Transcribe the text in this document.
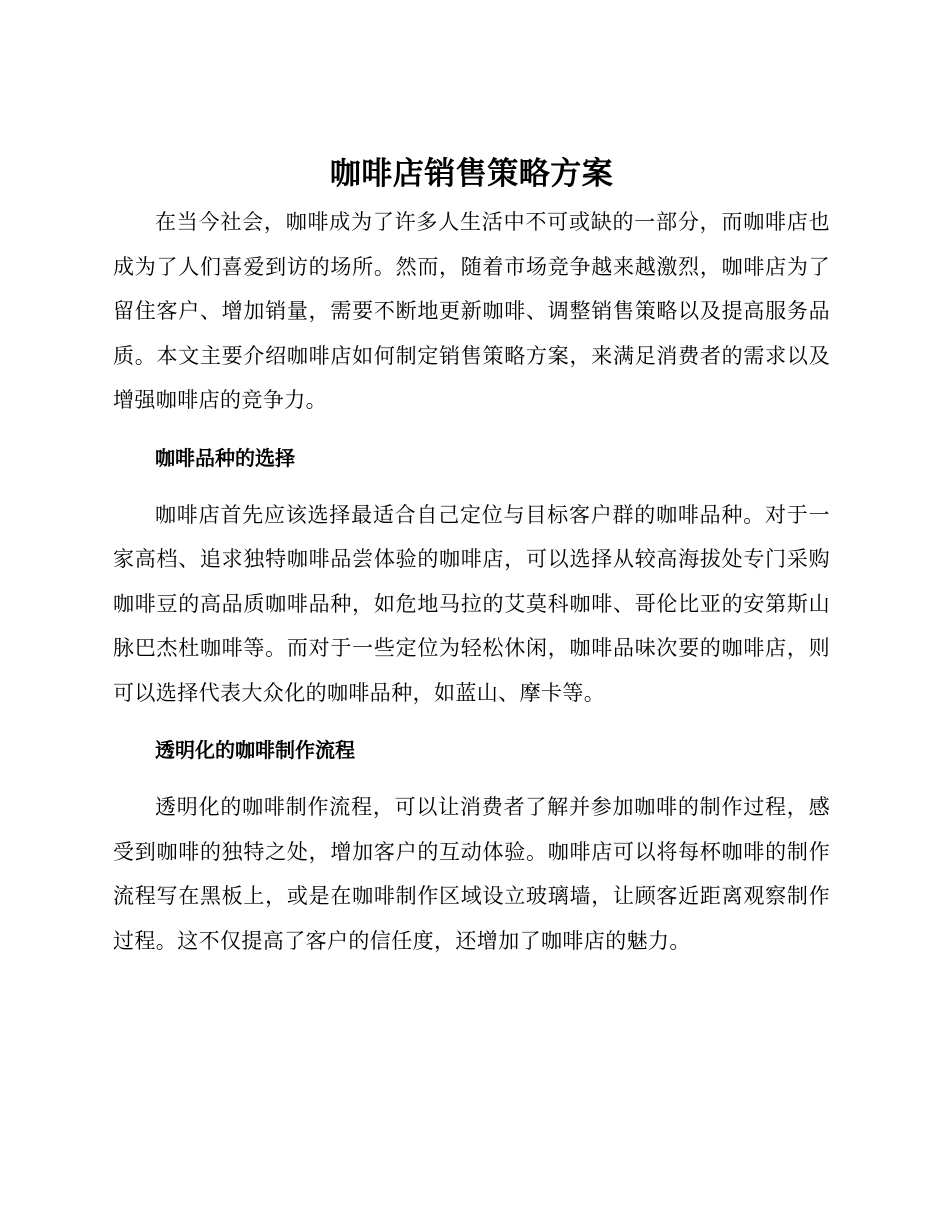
咖啡店销售策略方案

在当今社会，咖啡成为了许多人生活中不可或缺的一部分，而咖啡店也成为了人们喜爱到访的场所。然而，随着市场竞争越来越激烈，咖啡店为了留住客户、增加销量，需要不断地更新咖啡、调整销售策略以及提高服务品质。本文主要介绍咖啡店如何制定销售策略方案，来满足消费者的需求以及增强咖啡店的竞争力。

咖啡品种的选择

咖啡店首先应该选择最适合自己定位与目标客户群的咖啡品种。对于一家高档、追求独特咖啡品尝体验的咖啡店，可以选择从较高海拔处专门采购咖啡豆的高品质咖啡品种，如危地马拉的艾莫科咖啡、哥伦比亚的安第斯山脉巴杰杜咖啡等。而对于一些定位为轻松休闲，咖啡品味次要的咖啡店，则可以选择代表大众化的咖啡品种，如蓝山、摩卡等。

透明化的咖啡制作流程

透明化的咖啡制作流程，可以让消费者了解并参加咖啡的制作过程，感受到咖啡的独特之处，增加客户的互动体验。咖啡店可以将每杯咖啡的制作流程写在黑板上，或是在咖啡制作区域设立玻璃墙，让顾客近距离观察制作过程。这不仅提高了客户的信任度，还增加了咖啡店的魅力。
